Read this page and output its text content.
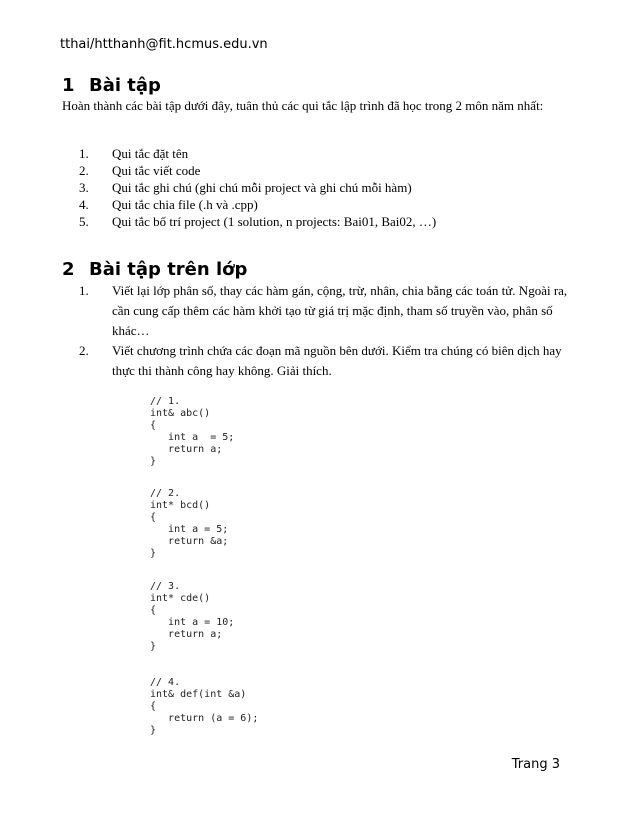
tthai/htthanh@fit.hcmus.edu.vn
1 Bài tập
Hoàn thành các bài tập dưới đây, tuân thủ các qui tắc lập trình đã học trong 2 môn năm nhất:
1. Qui tắc đặt tên
2. Qui tắc viết code
3. Qui tắc ghi chú (ghi chú mỗi project và ghi chú mỗi hàm)
4. Qui tắc chia file (.h và .cpp)
5. Qui tắc bố trí project (1 solution, n projects: Bai01, Bai02, …)
2 Bài tập trên lớp
1. Viết lại lớp phân số, thay các hàm gán, cộng, trừ, nhân, chia bằng các toán tử. Ngoài ra, cần cung cấp thêm các hàm khởi tạo từ giá trị mặc định, tham số truyền vào, phân số khác…
2. Viết chương trình chứa các đoạn mã nguồn bên dưới. Kiểm tra chúng có biên dịch hay thực thi thành công hay không. Giải thích.
// 1.
int& abc()
{
int a  = 5;
return a;
}
// 2.
int* bcd()
{
int a = 5;
return &a;
}
// 3.
int* cde()
{
int a = 10;
return a;
}
// 4.
int& def(int &a)
{
return (a = 6);
}
Trang 3
